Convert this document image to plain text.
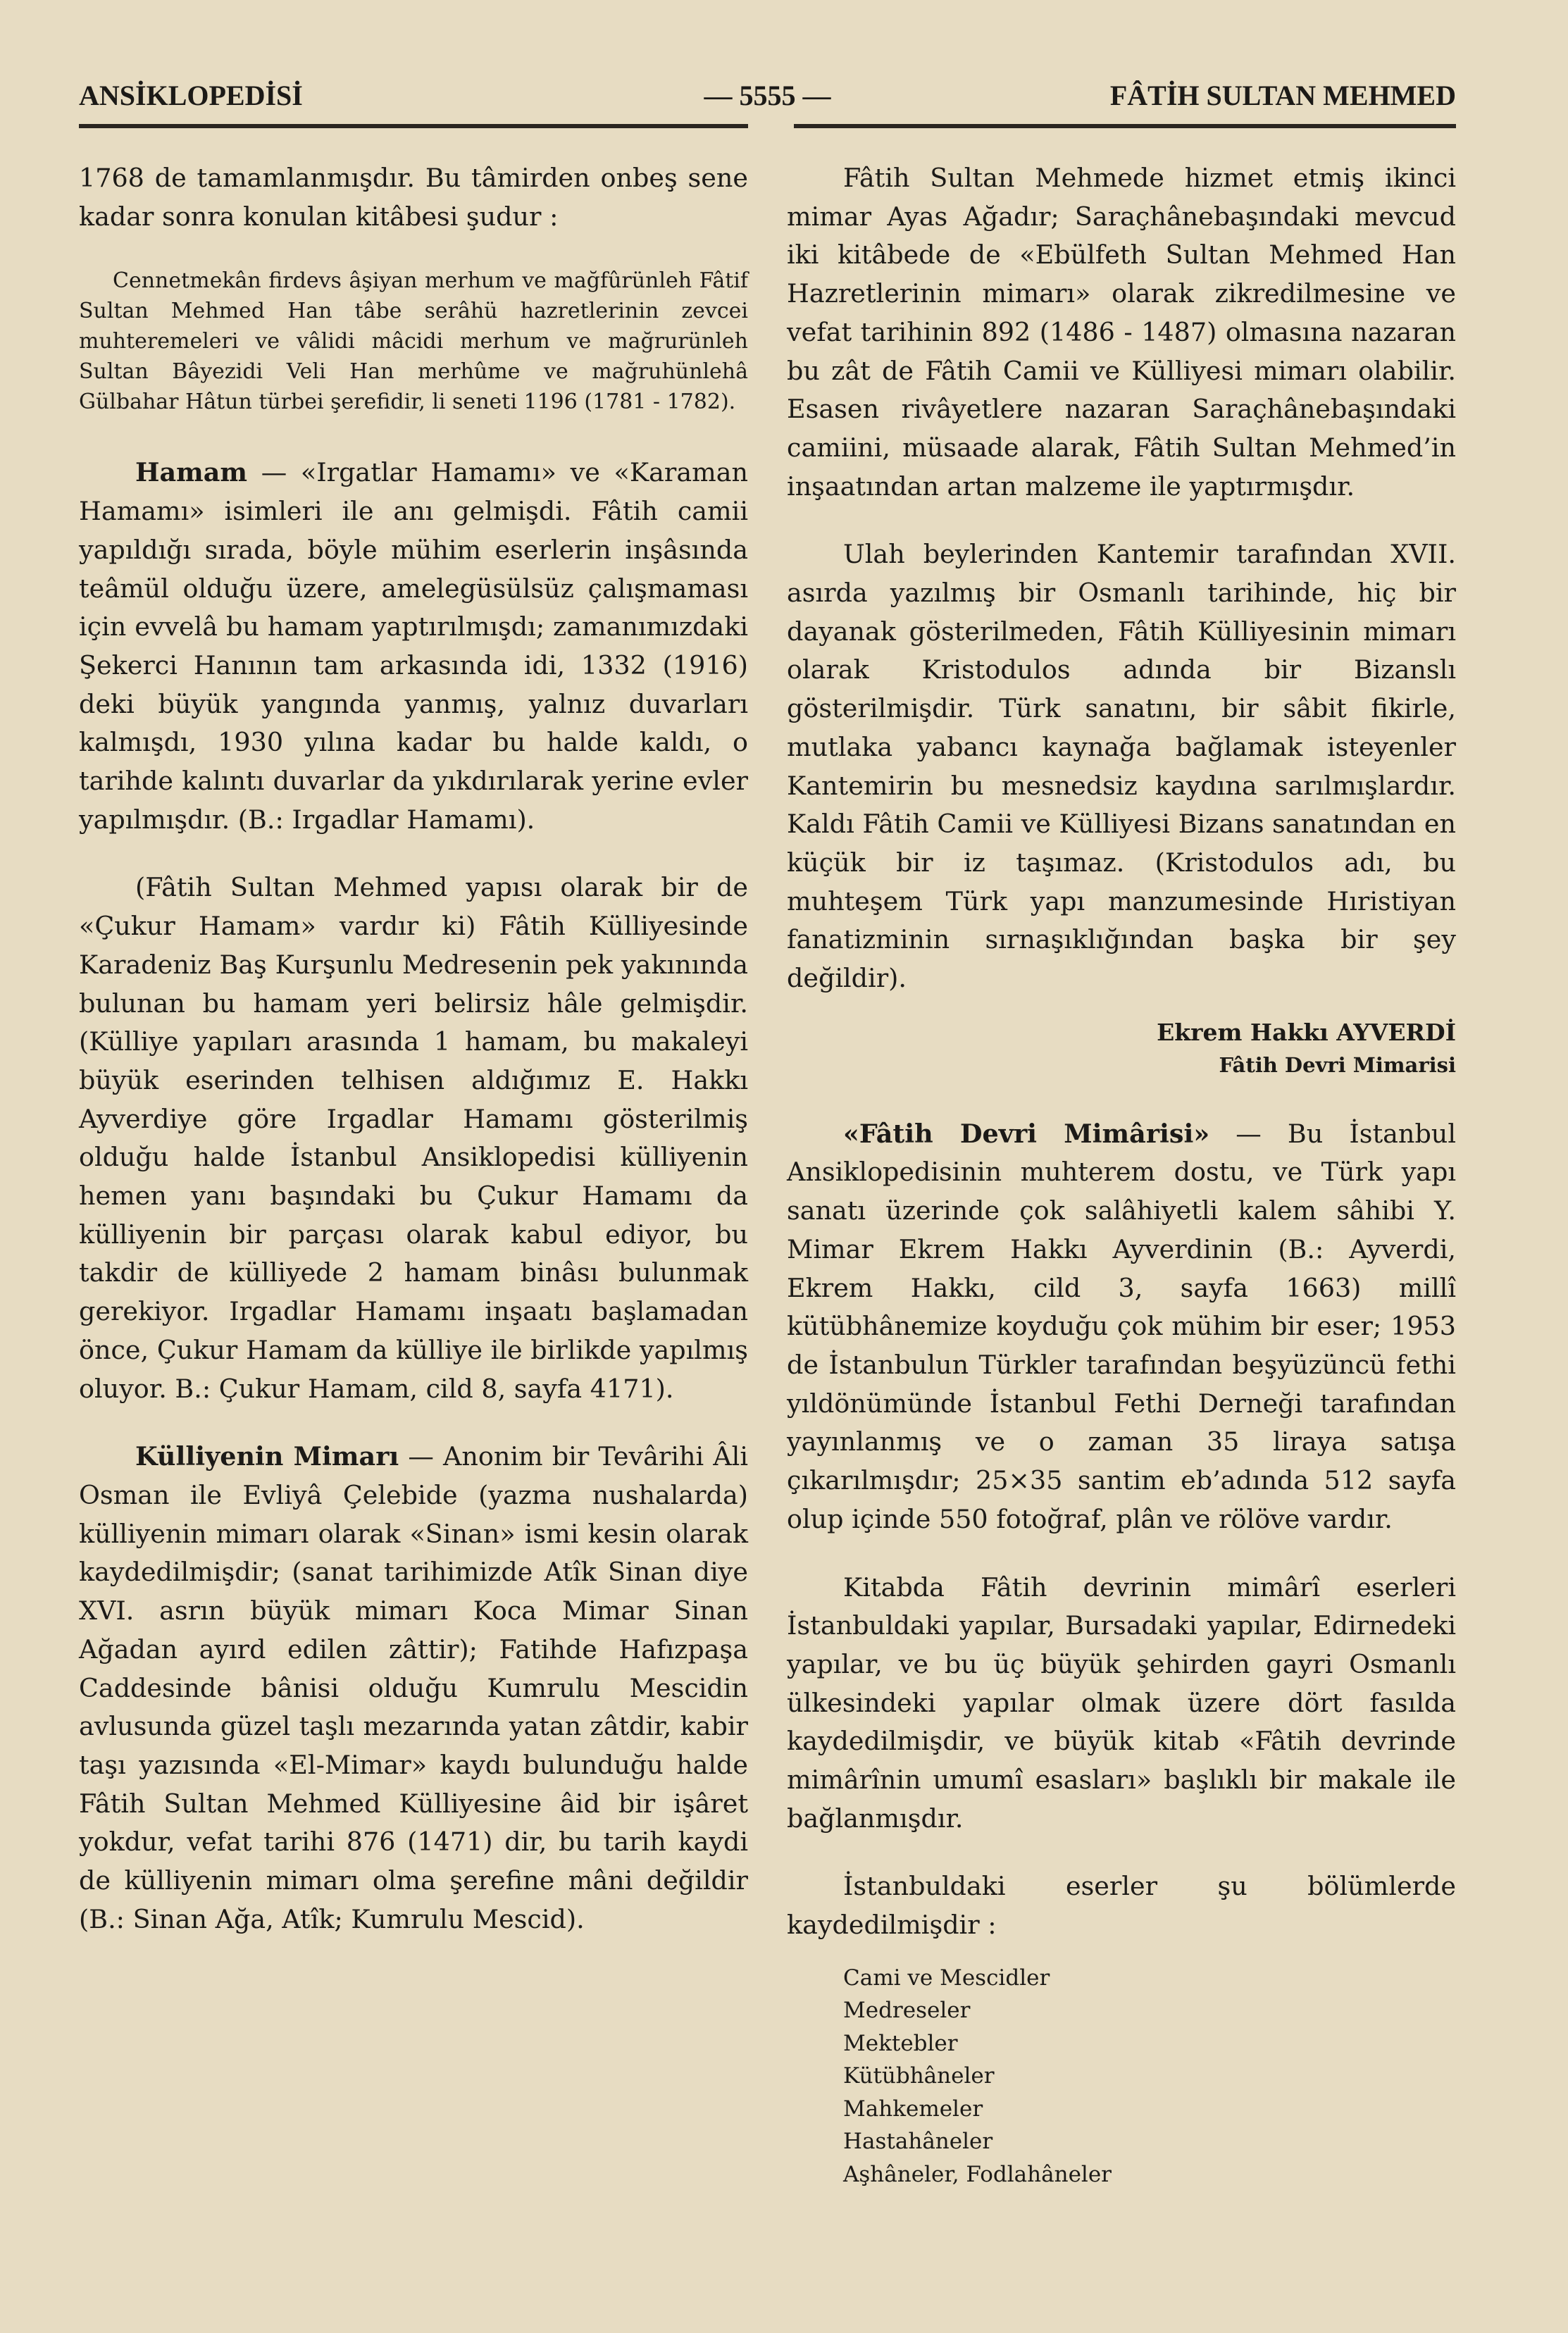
ANSİKLOPEDİSİ	— 5555 —	FÂTİH SULTAN MEHMED

1768 de tamamlanmışdır. Bu tâmirden onbeş sene kadar sonra konulan kitâbesi şudur :

Cennetmekân firdevs âşiyan merhum ve mağfûrünleh Fâtif Sultan Mehmed Han tâbe serâhü hazretlerinin zevcei muhteremeleri ve vâlidi mâcidi merhum ve mağrurünleh Sultan Bâyezidi Veli Han merhûme ve mağruhünlehâ Gülbahar Hâtun türbei şerefidir, li seneti 1196 (1781 - 1782).

Hamam — «Irgatlar Hamamı» ve «Karaman Hamamı» isimleri ile anı gelmişdi. Fâtih camii yapıldığı sırada, böyle mühim eserlerin inşâsında teâmül olduğu üzere, amelegüsülsüz çalışmaması için evvelâ bu hamam yaptırılmışdı; zamanımızdaki Şekerci Hanının tam arkasında idi, 1332 (1916) deki büyük yangında yanmış, yalnız duvarları kalmışdı, 1930 yılına kadar bu halde kaldı, o tarihde kalıntı duvarlar da yıkdırılarak yerine evler yapılmışdır. (B.: Irgadlar Hamamı).

(Fâtih Sultan Mehmed yapısı olarak bir de «Çukur Hamam» vardır ki) Fâtih Külliyesinde Karadeniz Baş Kurşunlu Medresenin pek yakınında bulunan bu hamam yeri belirsiz hâle gelmişdir. (Külliye yapıları arasında 1 hamam, bu makaleyi büyük eserinden telhisen aldığımız E. Hakkı Ayverdiye göre Irgadlar Hamamı gösterilmiş olduğu halde İstanbul Ansiklopedisi külliyenin hemen yanı başındaki bu Çukur Hamamı da külliyenin bir parçası olarak kabul ediyor, bu takdir de külliyede 2 hamam binâsı bulunmak gerekiyor. Irgadlar Hamamı inşaatı başlamadan önce, Çukur Hamam da külliye ile birlikde yapılmış oluyor. B.: Çukur Hamam, cild 8, sayfa 4171).

Külliyenin Mimarı — Anonim bir Tevârihi Âli Osman ile Evliyâ Çelebide (yazma nushalarda) külliyenin mimarı olarak «Sinan» ismi kesin olarak kaydedilmişdir; (sanat tarihimizde Atîk Sinan diye XVI. asrın büyük mimarı Koca Mimar Sinan Ağadan ayırd edilen zâttir); Fatihde Hafızpaşa Caddesinde bânisi olduğu Kumrulu Mescidin avlusunda güzel taşlı mezarında yatan zâtdir, kabir taşı yazısında «El-Mimar» kaydı bulunduğu halde Fâtih Sultan Mehmed Külliyesine âid bir işâret yokdur, vefat tarihi 876 (1471) dir, bu tarih kaydi de külliyenin mimarı olma şerefine mâni değildir (B.: Sinan Ağa, Atîk; Kumrulu Mescid).

Fâtih Sultan Mehmede hizmet etmiş ikinci mimar Ayas Ağadır; Saraçhânebaşındaki mevcud iki kitâbede de «Ebülfeth Sultan Mehmed Han Hazretlerinin mimarı» olarak zikredilmesine ve vefat tarihinin 892 (1486 - 1487) olmasına nazaran bu zât de Fâtih Camii ve Külliyesi mimarı olabilir. Esasen rivâyetlere nazaran Saraçhânebaşındaki camiini, müsaade alarak, Fâtih Sultan Mehmed’in inşaatından artan malzeme ile yaptırmışdır.

Ulah beylerinden Kantemir tarafından XVII. asırda yazılmış bir Osmanlı tarihinde, hiç bir dayanak gösterilmeden, Fâtih Külliyesinin mimarı olarak Kristodulos adında bir Bizanslı gösterilmişdir. Türk sanatını, bir sâbit fikirle, mutlaka yabancı kaynağa bağlamak isteyenler Kantemirin bu mesnedsiz kaydına sarılmışlardır. Kaldı Fâtih Camii ve Külliyesi Bizans sanatından en küçük bir iz taşımaz. (Kristodulos adı, bu muhteşem Türk yapı manzumesinde Hıristiyan fanatizminin sırnaşıklığından başka bir şey değildir).

Ekrem Hakkı AYVERDİ
Fâtih Devri Mimarisi

«Fâtih Devri Mimârisi» — Bu İstanbul Ansiklopedisinin muhterem dostu, ve Türk yapı sanatı üzerinde çok salâhiyetli kalem sâhibi Y. Mimar Ekrem Hakkı Ayverdinin (B.: Ayverdi, Ekrem Hakkı, cild 3, sayfa 1663) millî kütübhânemize koyduğu çok mühim bir eser; 1953 de İstanbulun Türkler tarafından beşyüzüncü fethi yıldönümünde İstanbul Fethi Derneği tarafından yayınlanmış ve o zaman 35 liraya satışa çıkarılmışdır; 25×35 santim eb’adında 512 sayfa olup içinde 550 fotoğraf, plân ve rölöve vardır.

Kitabda Fâtih devrinin mimârî eserleri İstanbuldaki yapılar, Bursadaki yapılar, Edirnedeki yapılar, ve bu üç büyük şehirden gayri Osmanlı ülkesindeki yapılar olmak üzere dört fasılda kaydedilmişdir, ve büyük kitab «Fâtih devrinde mimârînin umumî esasları» başlıklı bir makale ile bağlanmışdır.

İstanbuldaki eserler şu bölümlerde kaydedilmişdir :

Cami ve Mescidler
Medreseler
Mektebler
Kütübhâneler
Mahkemeler
Hastahâneler
Aşhâneler, Fodlahâneler
